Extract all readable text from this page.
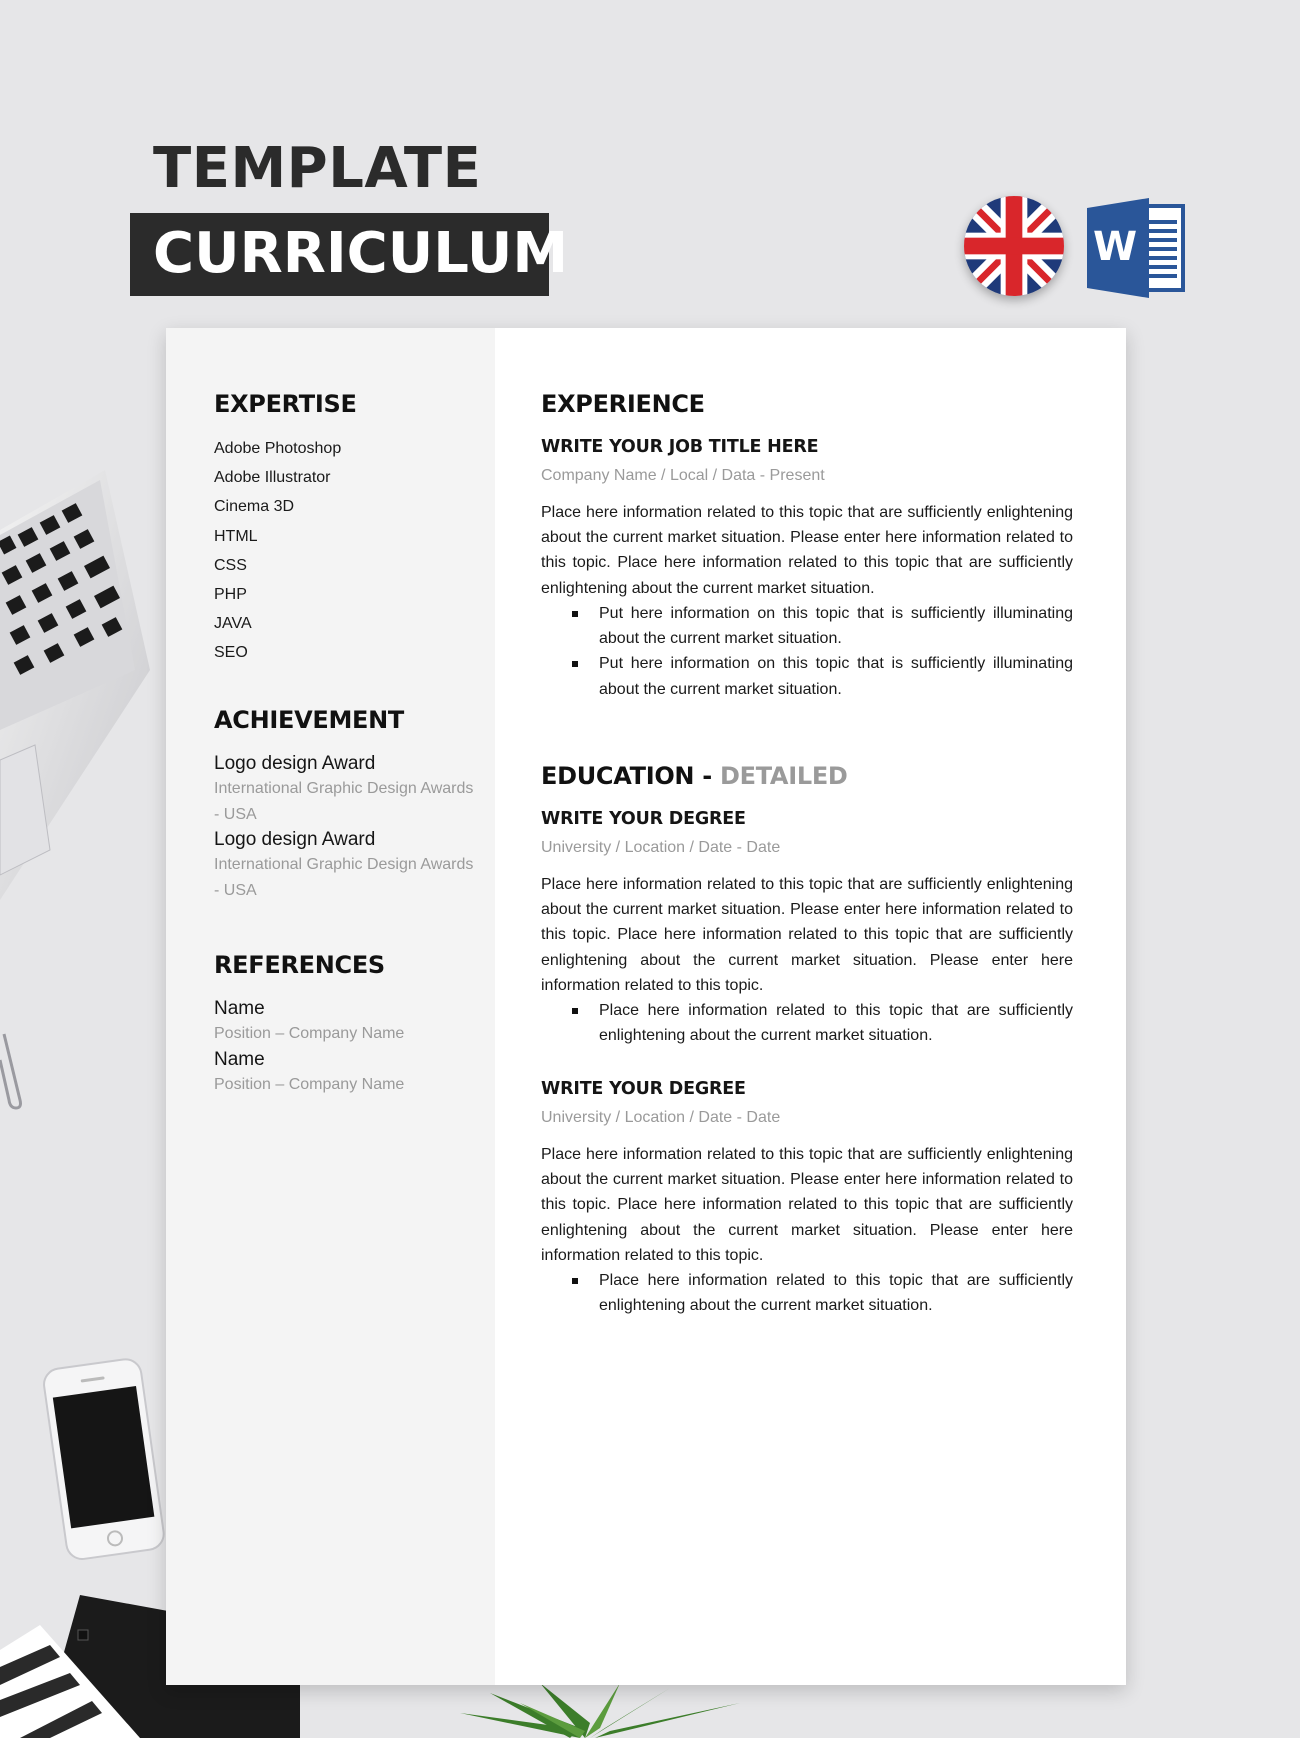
TEMPLATE
CURRICULUM	W
EXPERTISE
Adobe Photoshop
Adobe Illustrator
Cinema 3D
HTML
CSS
PHP
JAVA
SEO
ACHIEVEMENT
Logo design Award
International Graphic Design Awards - USA
Logo design Award
International Graphic Design Awards - USA
REFERENCES
Name
Position – Company Name
Name
Position – Company Name
EXPERIENCE
WRITE YOUR JOB TITLE HERE
Company Name / Local / Data - Present

Place here information related to this topic that are sufficiently enlightening about the current market situation. Please enter here information related to this topic. Place here information related to this topic that are sufficiently enlightening about the current market situation.

Put here information on this topic that is sufficiently illuminating about the current market situation.
Put here information on this topic that is sufficiently illuminating about the current market situation.
EDUCATION - DETAILED
WRITE YOUR DEGREE
University / Location / Date - Date

Place here information related to this topic that are sufficiently enlightening about the current market situation. Please enter here information related to this topic. Place here information related to this topic that are sufficiently enlightening about the current market situation. Please enter here information related to this topic.

Place here information related to this topic that are sufficiently enlightening about the current market situation.
WRITE YOUR DEGREE
University / Location / Date - Date

Place here information related to this topic that are sufficiently enlightening about the current market situation. Please enter here information related to this topic. Place here information related to this topic that are sufficiently enlightening about the current market situation. Please enter here information related to this topic.

Place here information related to this topic that are sufficiently enlightening about the current market situation.
